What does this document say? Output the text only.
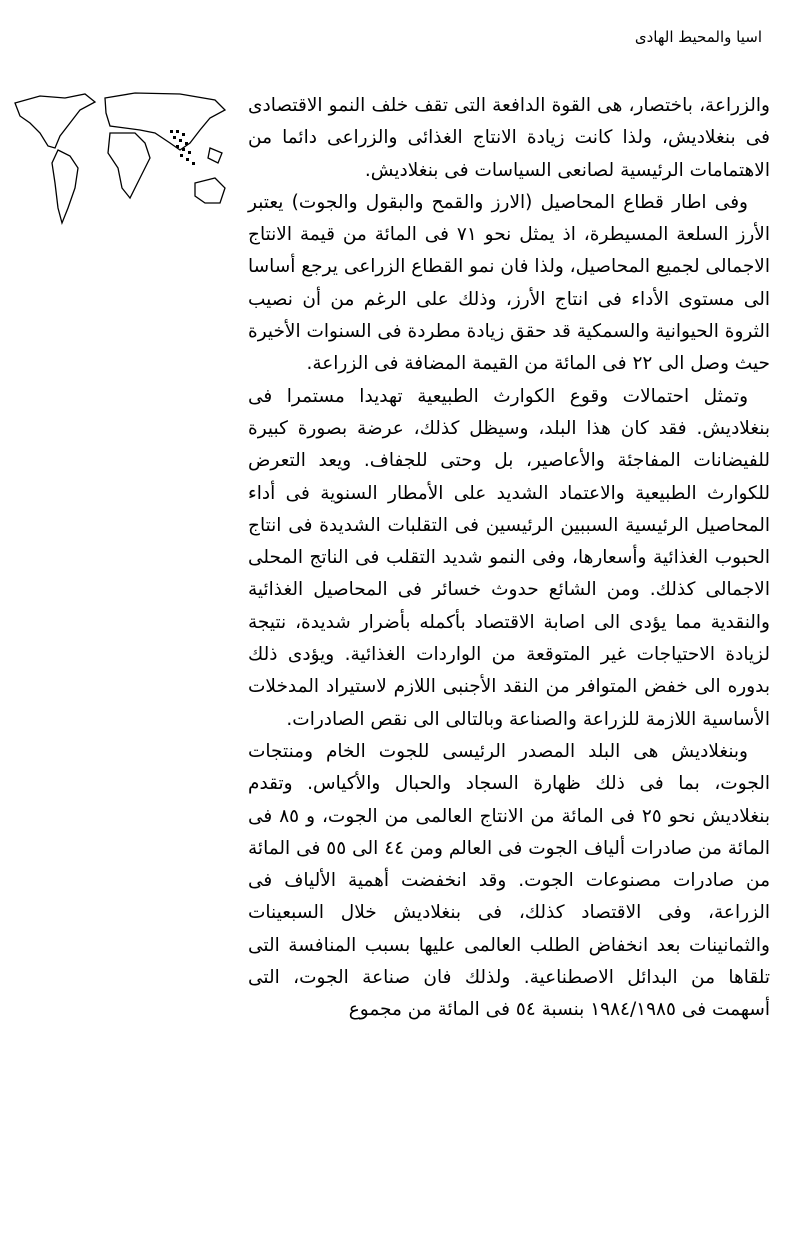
اسيا والمحيط الهادى

والزراعة، باختصار، هى القوة الدافعة التى تقف خلف النمو الاقتصادى فى بنغلاديش، ولذا كانت زيادة الانتاج الغذائى والزراعى دائما من الاهتمامات الرئيسية لصانعى السياسات فى بنغلاديش.

وفى اطار قطاع المحاصيل (الارز والقمح والبقول والجوت) يعتبر الأرز السلعة المسيطرة، اذ يمثل نحو ٧١ فى المائة من قيمة الانتاج الاجمالى لجميع المحاصيل، ولذا فان نمو القطاع الزراعى يرجع أساسا الى مستوى الأداء فى انتاج الأرز، وذلك على الرغم من أن نصيب الثروة الحيوانية والسمكية قد حقق زيادة مطردة فى السنوات الأخيرة حيث وصل الى ٢٢ فى المائة من القيمة المضافة فى الزراعة.

وتمثل احتمالات وقوع الكوارث الطبيعية تهديدا مستمرا فى بنغلاديش. فقد كان هذا البلد، وسيظل كذلك، عرضة بصورة كبيرة للفيضانات المفاجئة والأعاصير، بل وحتى للجفاف. ويعد التعرض للكوارث الطبيعية والاعتماد الشديد على الأمطار السنوية فى أداء المحاصيل الرئيسية السببين الرئيسين فى التقلبات الشديدة فى انتاج الحبوب الغذائية وأسعارها، وفى النمو شديد التقلب فى الناتج المحلى الاجمالى كذلك. ومن الشائع حدوث خسائر فى المحاصيل الغذائية والنقدية مما يؤدى الى اصابة الاقتصاد بأكمله بأضرار شديدة، نتيجة لزيادة الاحتياجات غير المتوقعة من الواردات الغذائية. ويؤدى ذلك بدوره الى خفض المتوافر من النقد الأجنبى اللازم لاستيراد المدخلات الأساسية اللازمة للزراعة والصناعة وبالتالى الى نقص الصادرات.

وبنغلاديش هى البلد المصدر الرئيسى للجوت الخام ومنتجات الجوت، بما فى ذلك ظهارة السجاد والحبال والأكياس. وتقدم بنغلاديش نحو ٢٥ فى المائة من الانتاج العالمى من الجوت، و ٨٥ فى المائة من صادرات ألياف الجوت فى العالم ومن ٤٤ الى ٥٥ فى المائة من صادرات مصنوعات الجوت. وقد انخفضت أهمية الألياف فى الزراعة، وفى الاقتصاد كذلك، فى بنغلاديش خلال السبعينات والثمانينات بعد انخفاض الطلب العالمى عليها بسبب المنافسة التى تلقاها من البدائل الاصطناعية. ولذلك فان صناعة الجوت، التى أسهمت فى ١٩٨٤/١٩٨٥ بنسبة ٥٤ فى المائة من مجموع
